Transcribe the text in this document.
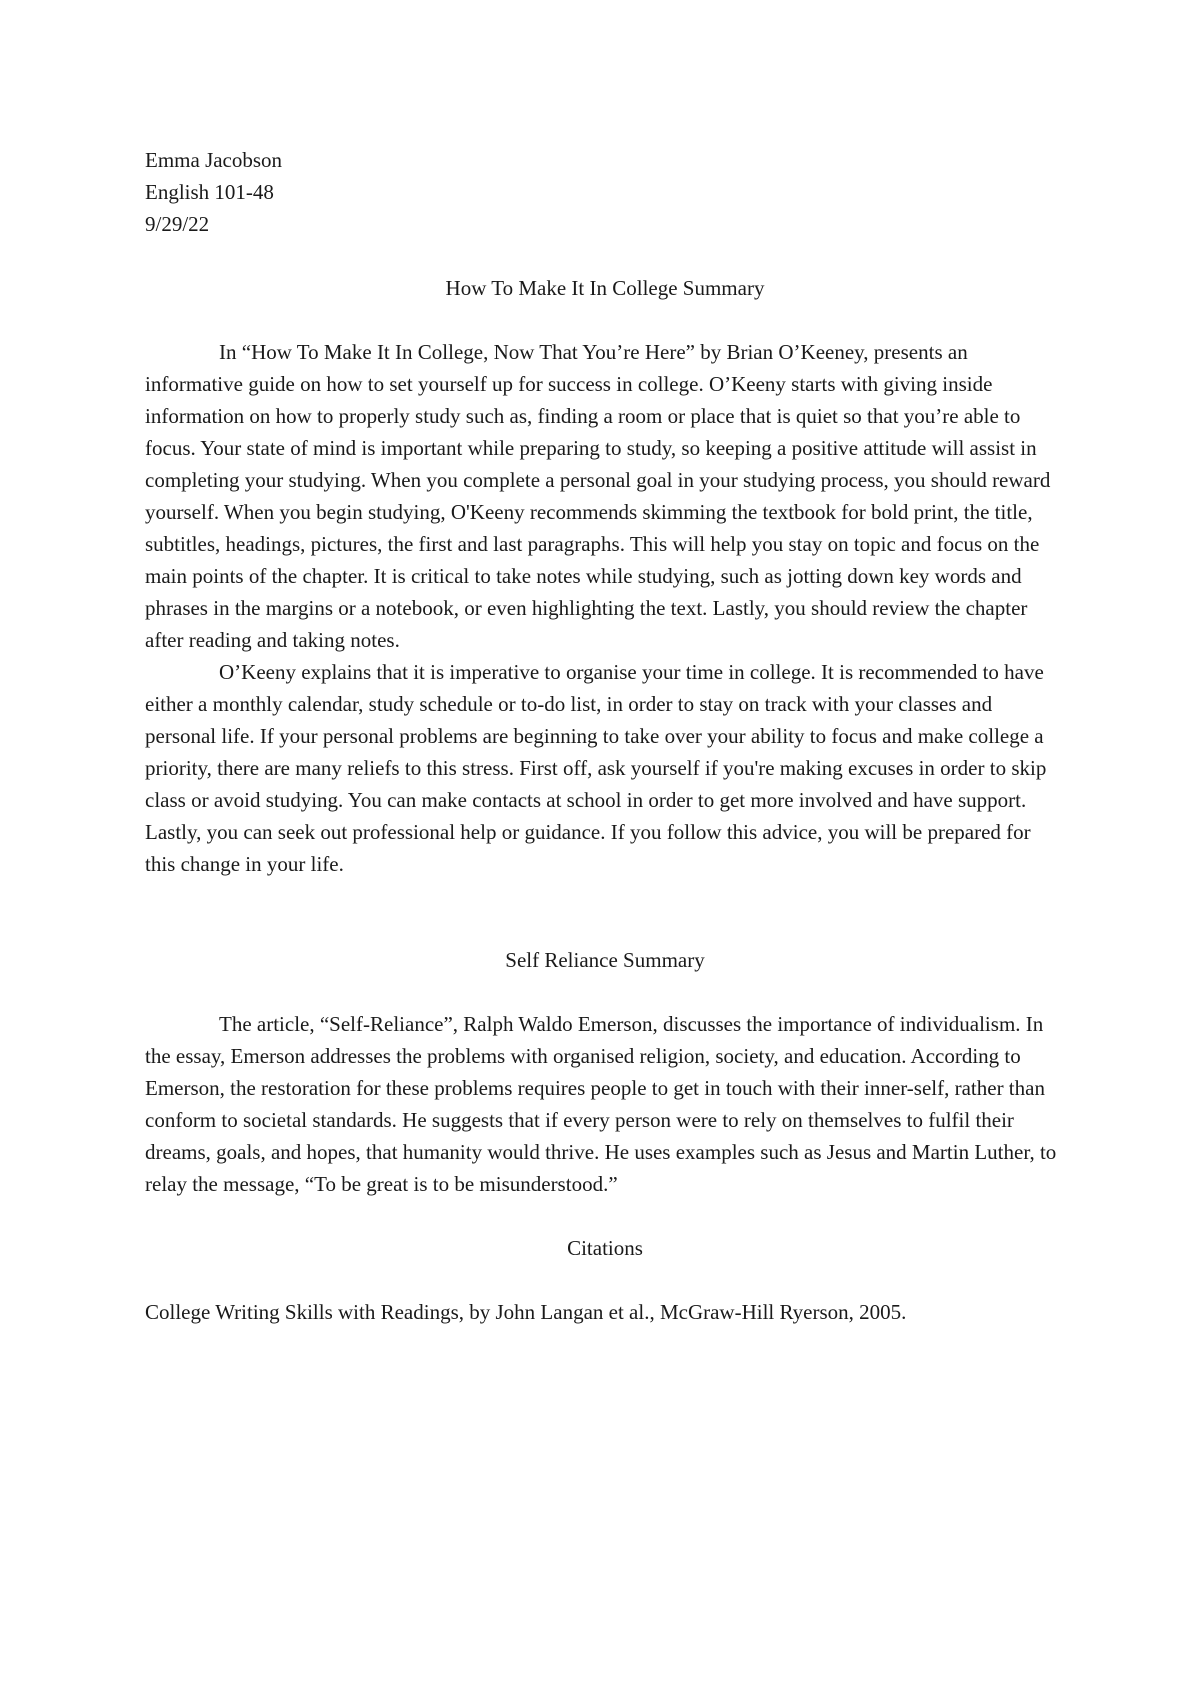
Emma Jacobson
English 101-48
9/29/22
How To Make It In College Summary

In “How To Make It In College, Now That You’re Here” by Brian O’Keeney, presents an informative guide on how to set yourself up for success in college. O’Keeny starts with giving inside information on how to properly study such as, finding a room or place that is quiet so that you’re able to focus. Your state of mind is important while preparing to study, so keeping a positive attitude will assist in completing your studying. When you complete a personal goal in your studying process, you should reward yourself. When you begin studying, O'Keeny recommends skimming the textbook for bold print, the title, subtitles, headings, pictures, the first and last paragraphs. This will help you stay on topic and focus on the main points of the chapter. It is critical to take notes while studying, such as jotting down key words and phrases in the margins or a notebook, or even highlighting the text. Lastly, you should review the chapter after reading and taking notes.

O’Keeny explains that it is imperative to organise your time in college. It is recommended to have either a monthly calendar, study schedule or to-do list, in order to stay on track with your classes and personal life. If your personal problems are beginning to take over your ability to focus and make college a priority, there are many reliefs to this stress. First off, ask yourself if you're making excuses in order to skip class or avoid studying. You can make contacts at school in order to get more involved and have support. Lastly, you can seek out professional help or guidance. If you follow this advice, you will be prepared for this change in your life.

Self Reliance Summary

The article, “Self-Reliance”, Ralph Waldo Emerson, discusses the importance of individualism. In the essay, Emerson addresses the problems with organised religion, society, and education. According to Emerson, the restoration for these problems requires people to get in touch with their inner-self, rather than conform to societal standards. He suggests that if every person were to rely on themselves to fulfil their dreams, goals, and hopes, that humanity would thrive. He uses examples such as Jesus and Martin Luther, to relay the message, “To be great is to be misunderstood.”

Citations
College Writing Skills with Readings, by John Langan et al., McGraw-Hill Ryerson, 2005.
